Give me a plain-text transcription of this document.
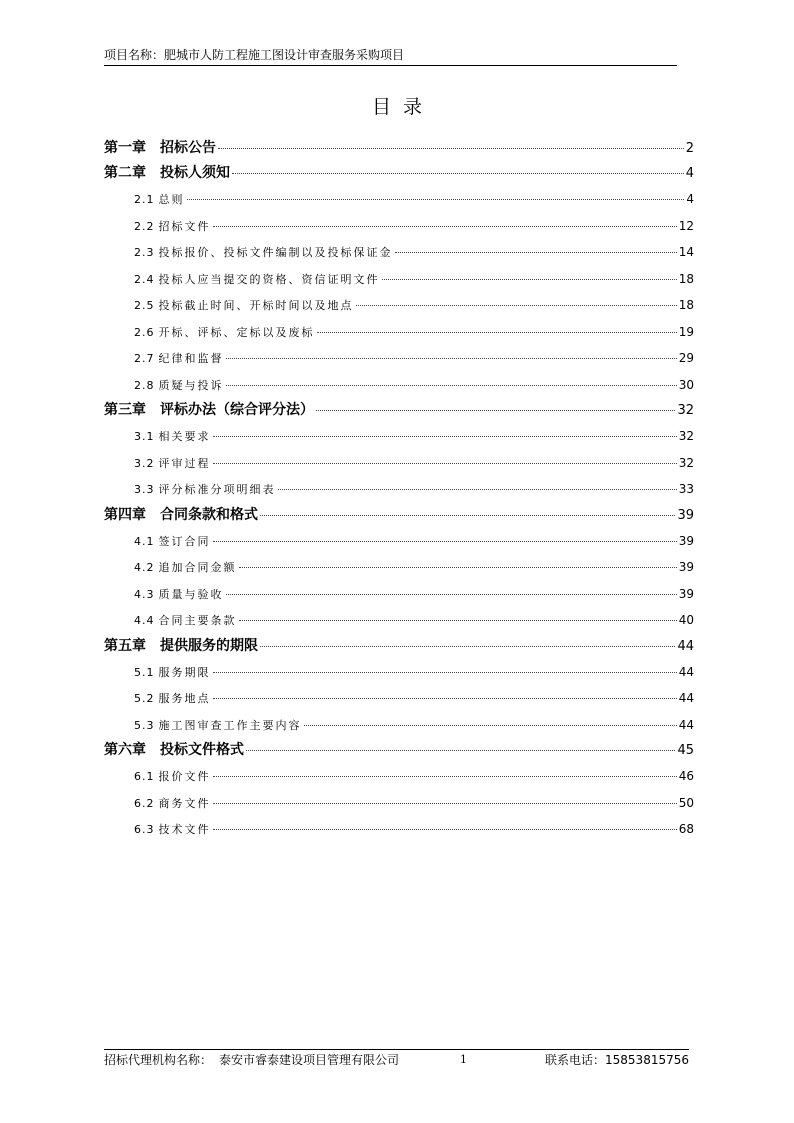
项目名称：肥城市人防工程施工图设计审查服务采购项目
目录
第一章 招标公告	2
第二章 投标人须知	4
2.1 总则	4
2.2 招标文件	12
2.3 投标报价、投标文件编制以及投标保证金	14
2.4 投标人应当提交的资格、资信证明文件	18
2.5 投标截止时间、开标时间以及地点	18
2.6 开标、评标、定标以及废标	19
2.7 纪律和监督	29
2.8 质疑与投诉	30
第三章 评标办法（综合评分法）	32
3.1 相关要求	32
3.2 评审过程	32
3.3 评分标准分项明细表	33
第四章 合同条款和格式	39
4.1 签订合同	39
4.2 追加合同金额	39
4.3 质量与验收	39
4.4 合同主要条款	40
第五章 提供服务的期限	44
5.1 服务期限	44
5.2 服务地点	44
5.3 施工图审查工作主要内容	44
第六章 投标文件格式	45
6.1 报价文件	46
6.2 商务文件	50
6.3 技术文件	68
招标代理机构名称： 泰安市睿泰建设项目管理有限公司	1	联系电话：15853815756
